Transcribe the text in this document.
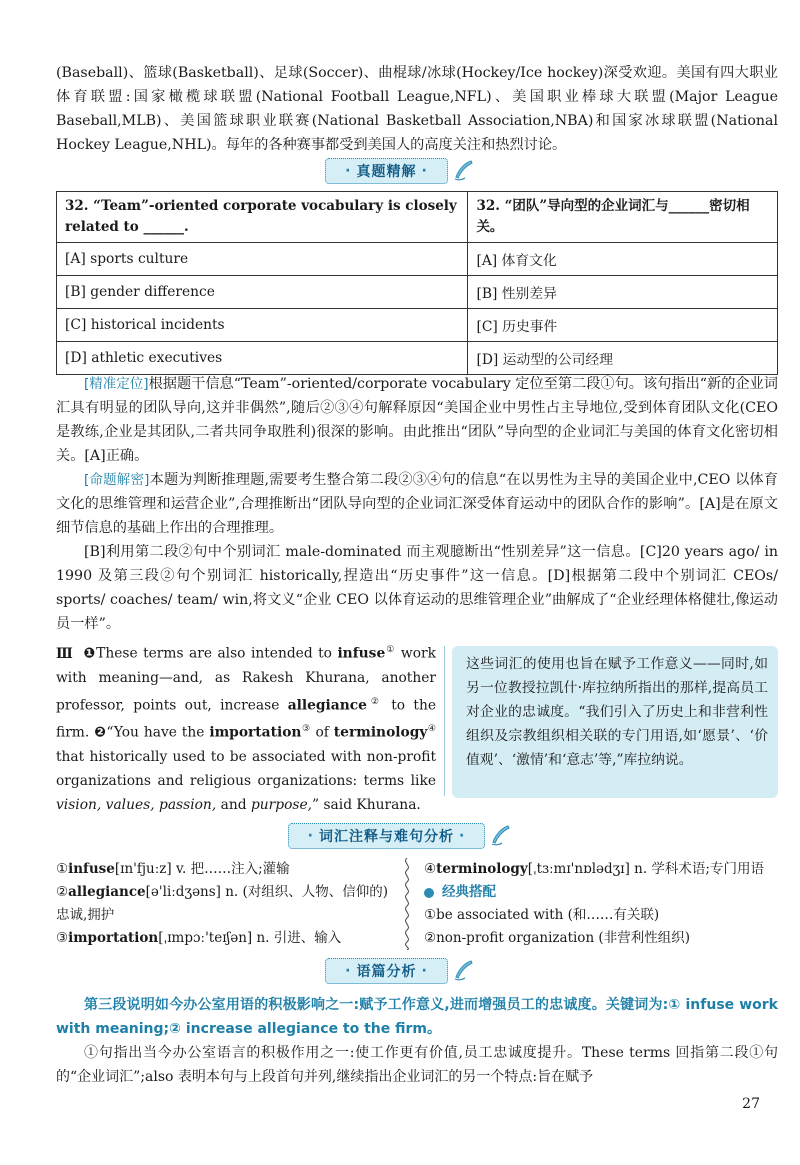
(Baseball)、篮球(Basketball)、足球(Soccer)、曲棍球/冰球(Hockey/Ice hockey)深受欢迎。美国有四大职业体育联盟:国家橄榄球联盟(National Football League,NFL)、美国职业棒球大联盟(Major League Baseball,MLB)、美国篮球职业联赛(National Basketball Association,NBA)和国家冰球联盟(National Hockey League,NHL)。每年的各种赛事都受到美国人的高度关注和热烈讨论。

· 真题精解 ·
32. “Team”-oriented corporate vocabulary is closely related to ______.	32. “团队”导向型的企业词汇与______密切相关。
[A] sports culture	[A] 体育文化
[B] gender difference	[B] 性别差异
[C] historical incidents	[C] 历史事件
[D] athletic executives	[D] 运动型的公司经理

[精准定位]根据题干信息“Team”-oriented/corporate vocabulary 定位至第二段①句。该句指出“新的企业词汇具有明显的团队导向,这并非偶然”,随后②③④句解释原因“美国企业中男性占主导地位,受到体育团队文化(CEO 是教练,企业是其团队,二者共同争取胜利)很深的影响。由此推出“团队”导向型的企业词汇与美国的体育文化密切相关。[A]正确。

[命题解密]本题为判断推理题,需要考生整合第二段②③④句的信息“在以男性为主导的美国企业中,CEO 以体育文化的思维管理和运营企业”,合理推断出“团队导向型的企业词汇深受体育运动中的团队合作的影响”。[A]是在原文细节信息的基础上作出的合理推理。

[B]利用第二段②句中个别词汇 male-dominated 而主观臆断出“性别差异”这一信息。[C]20 years ago/ in 1990 及第三段②句个别词汇 historically,捏造出“历史事件”这一信息。[D]根据第二段中个别词汇 CEOs/ sports/ coaches/ team/ win,将文义“企业 CEO 以体育运动的思维管理企业”曲解成了“企业经理体格健壮,像运动员一样”。

Ⅲ ❶These terms are also intended to infuse① work with meaning—and, as Rakesh Khurana, another professor, points out, increase allegiance② to the firm. ❷“You have the importation③ of terminology④ that historically used to be associated with non-profit organizations and religious organizations: terms like vision, values, passion, and purpose,” said Khurana.
这些词汇的使用也旨在赋予工作意义——同时,如另一位教授拉凯什·库拉纳所指出的那样,提高员工对企业的忠诚度。“我们引入了历史上和非营利性组织及宗教组织相关联的专门用语,如‘愿景’、‘价值观’、‘激情’和‘意志’等,”库拉纳说。
· 词汇注释与难句分析 ·
①infuse[ɪn'fjuːz] v. 把……注入;灌输
②allegiance[ə'liːdʒəns] n. (对组织、人物、信仰的)忠诚,拥护
③importation[ˌɪmpɔː'teɪʃən] n. 引进、输入
④terminology[ˌtɜːmɪ'nɒlədʒɪ] n. 学科术语;专门用语
经典搭配
①be associated with (和……有关联)
②non-profit organization (非营利性组织)
· 语篇分析 ·
第三段说明如今办公室用语的积极影响之一:赋予工作意义,进而增强员工的忠诚度。关键词为:① infuse work with meaning;② increase allegiance to the firm。
①句指出当今办公室语言的积极作用之一:使工作更有价值,员工忠诚度提升。These terms 回指第二段①句的“企业词汇”;also 表明本句与上段首句并列,继续指出企业词汇的另一个特点:旨在赋予
27
